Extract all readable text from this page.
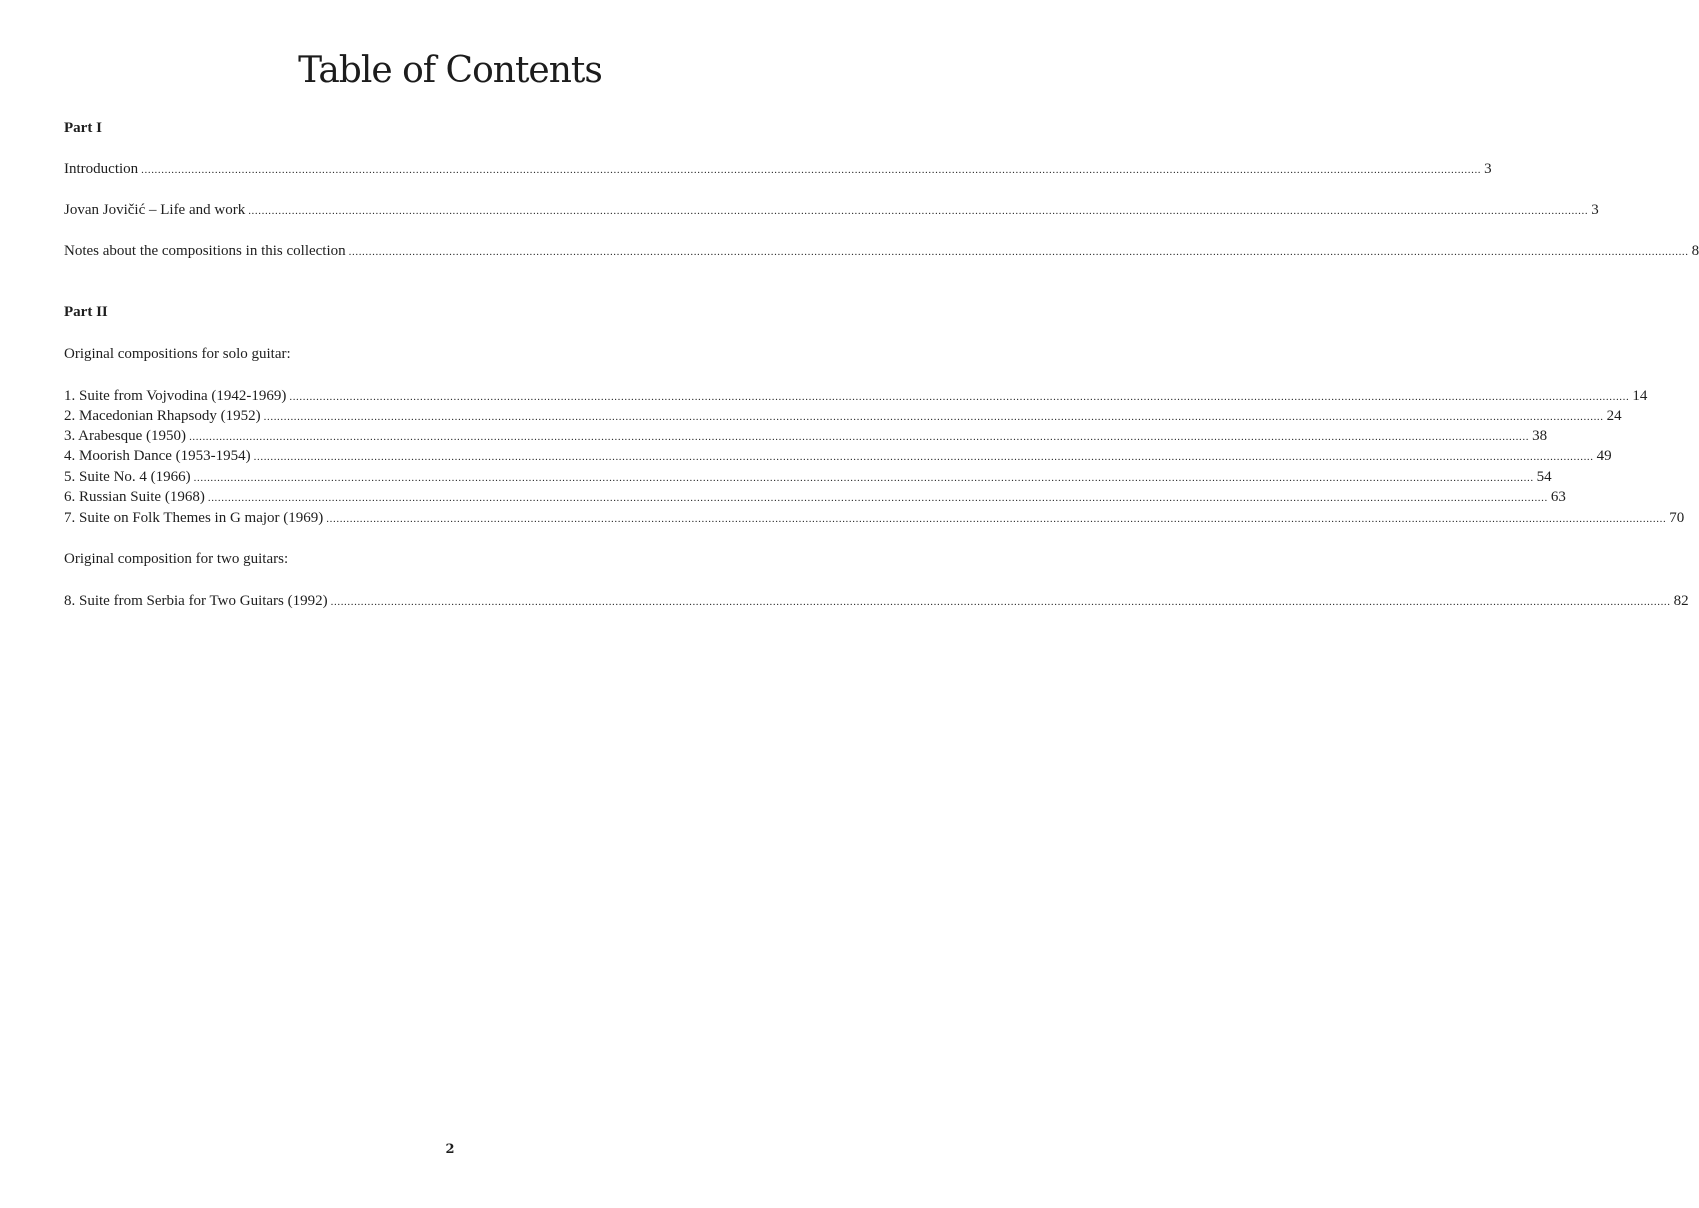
Table of Contents
Part I
Introduction ................................................................................................................................................................................................................................................................................................................................................................................................................ 3
Jovan Jovičić – Life and work ................................................................................................................................................................................................................................................................................................................................................................................................................ 3
Notes about the compositions in this collection ................................................................................................................................................................................................................................................................................................................................................................................................................ 8
Part II
Original compositions for solo guitar:
1. Suite from Vojvodina (1942-1969) ................................................................................................................................................................................................................................................................................................................................................................................................................ 14
2. Macedonian Rhapsody (1952) ................................................................................................................................................................................................................................................................................................................................................................................................................ 24
3. Arabesque (1950) ................................................................................................................................................................................................................................................................................................................................................................................................................ 38
4. Moorish Dance (1953-1954) ................................................................................................................................................................................................................................................................................................................................................................................................................ 49
5. Suite No. 4 (1966) ................................................................................................................................................................................................................................................................................................................................................................................................................ 54
6. Russian Suite (1968) ................................................................................................................................................................................................................................................................................................................................................................................................................ 63
7. Suite on Folk Themes in G major (1969) ................................................................................................................................................................................................................................................................................................................................................................................................................ 70
Original composition for two guitars:
8. Suite from Serbia for Two Guitars (1992) ................................................................................................................................................................................................................................................................................................................................................................................................................ 82
2
